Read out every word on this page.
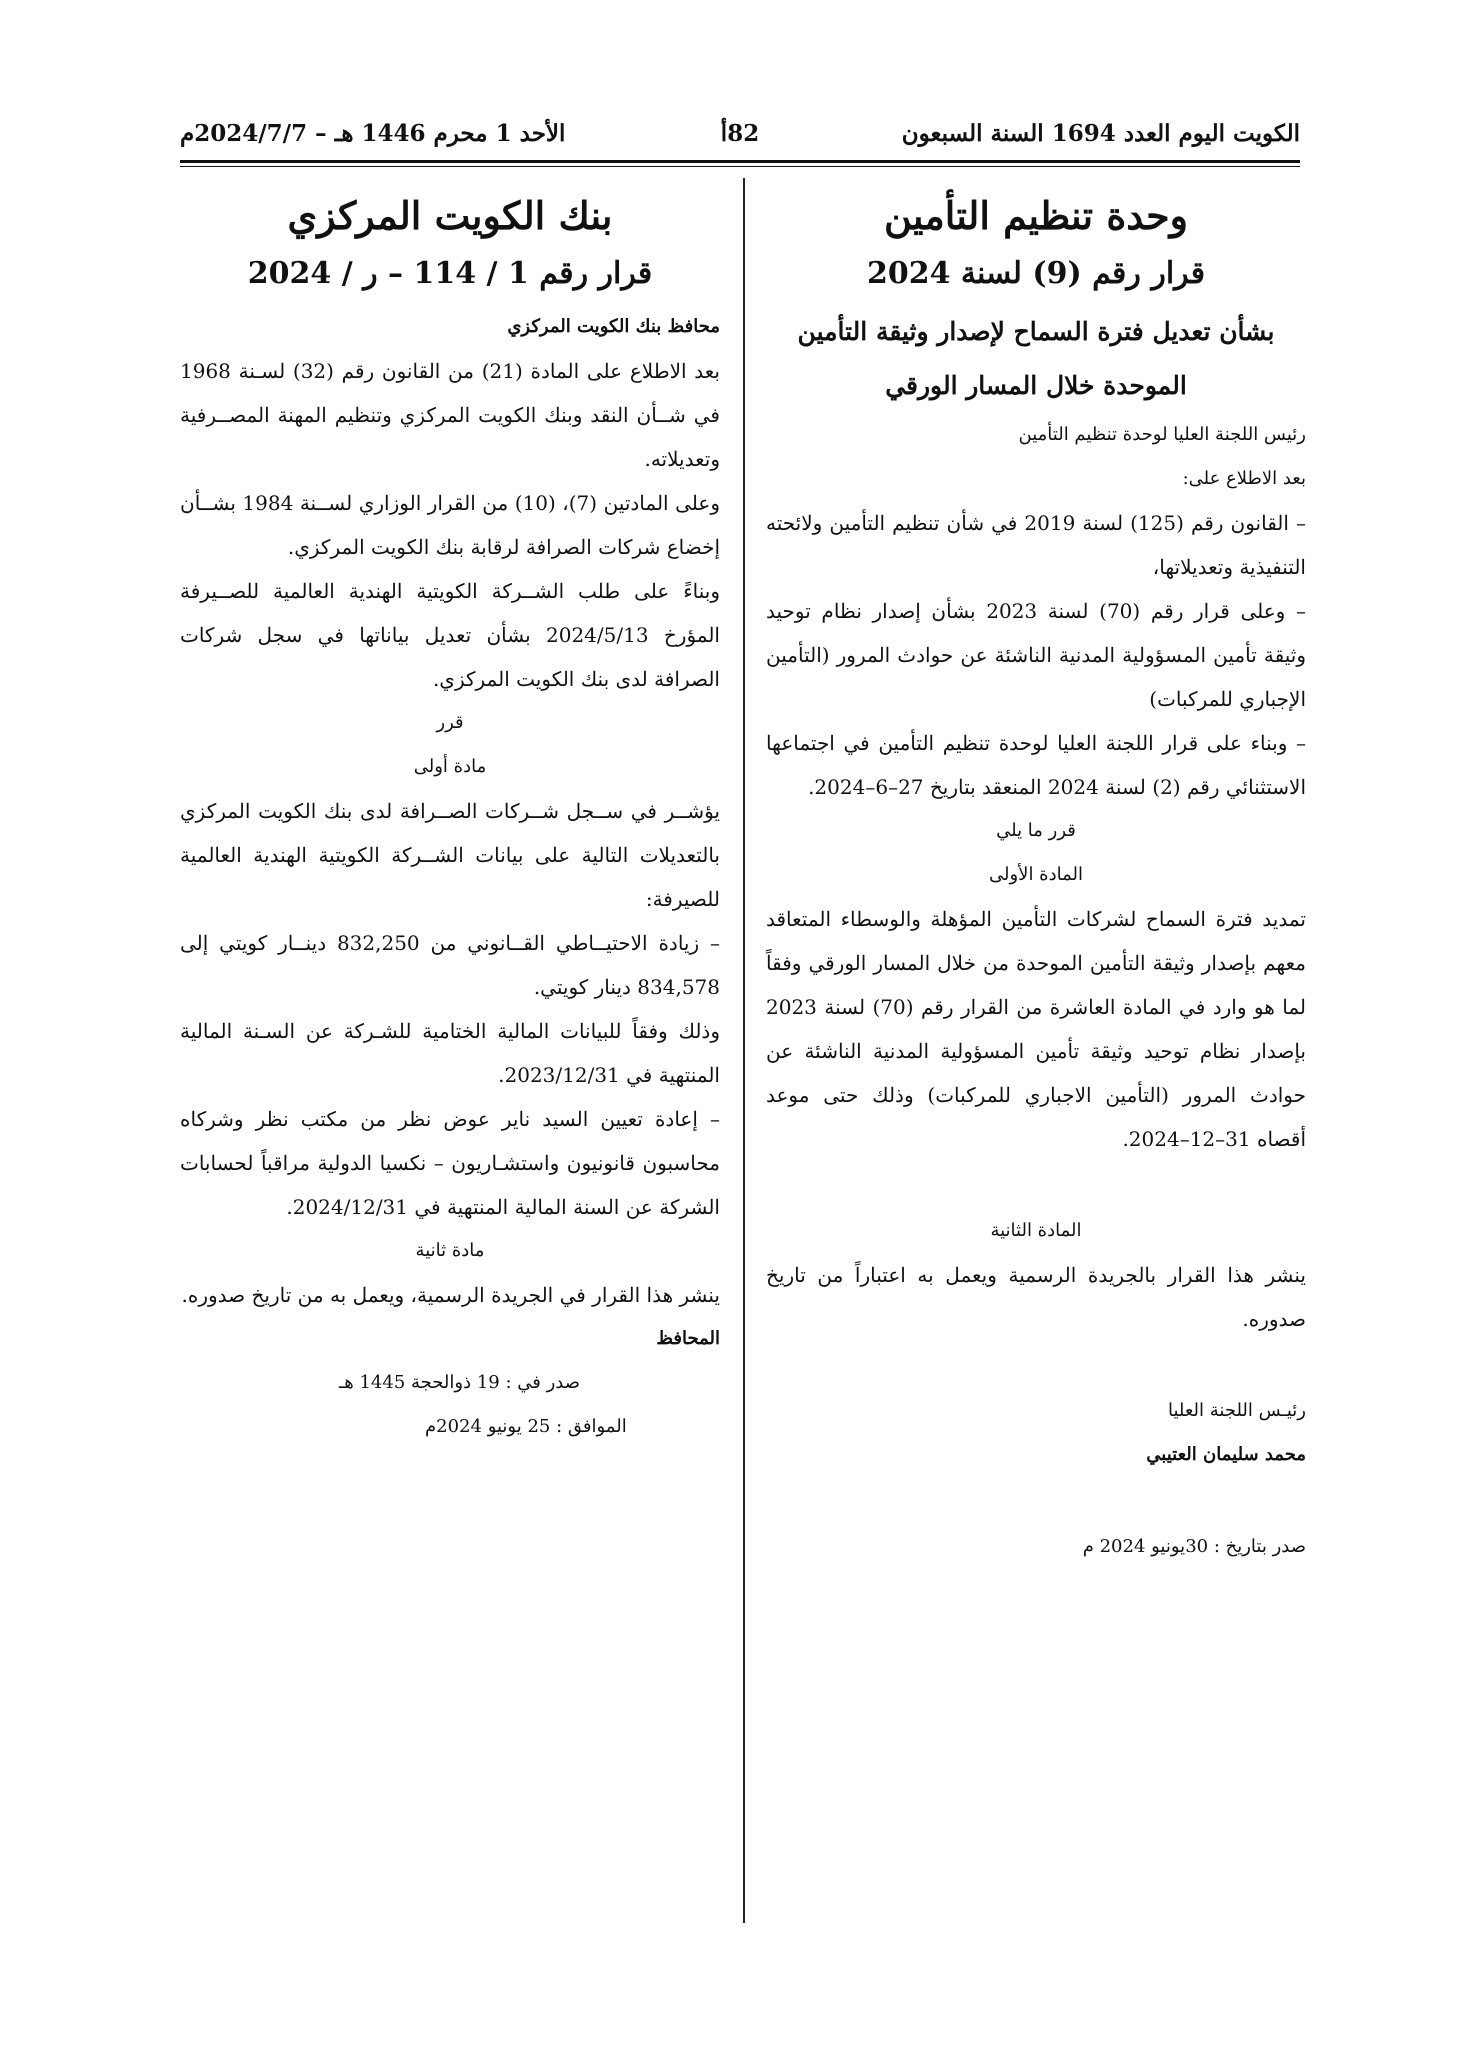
الكويت اليوم العدد 1694 السنة السبعون
82أ
الأحد 1 محرم 1446 هـ – 2024/7/7م
وحدة تنظيم التأمين
قرار رقم (9) لسنة 2024
بشأن تعديل فترة السماح لإصدار وثيقة التأمين
الموحدة خلال المسار الورقي

رئيس اللجنة العليا لوحدة تنظيم التأمين

بعد الاطلاع على:

– القانون رقم (125) لسنة 2019 في شأن تنظيم التأمين ولائحته التنفيذية وتعديلاتها،

– وعلى قرار رقم (70) لسنة 2023 بشأن إصدار نظام توحيد وثيقة تأمين المسؤولية المدنية الناشئة عن حوادث المرور (التأمين الإجباري للمركبات)

– وبناء على قرار اللجنة العليا لوحدة تنظيم التأمين في اجتماعها الاستثنائي رقم (2) لسنة 2024 المنعقد بتاريخ 27–6–2024.

قرر ما يلي

المادة الأولى

تمديد فترة السماح لشركات التأمين المؤهلة والوسطاء المتعاقد معهم بإصدار وثيقة التأمين الموحدة من خلال المسار الورقي وفقاً لما هو وارد في المادة العاشرة من القرار رقم (70) لسنة 2023 بإصدار نظام توحيد وثيقة تأمين المسؤولية المدنية الناشئة عن حوادث المرور (التأمين الاجباري للمركبات) وذلك حتى موعد أقصاه 31–12–2024.

المادة الثانية

ينشر هذا القرار بالجريدة الرسمية ويعمل به اعتباراً من تاريخ صدوره.

رئيـس اللجنة العليا

محمد سليمان العتيبي

صدر بتاريخ : 30يونيو 2024 م

بنك الكويت المركزي
قرار رقم 1 / 114 – ر / 2024

محافظ بنك الكويت المركزي

بعد الاطلاع على المادة (21) من القانون رقم (32) لسـنة 1968 في شــأن النقد وبنك الكويت المركزي وتنظيم المهنة المصــرفية وتعديلاته.

وعلى المادتين (7)، (10) من القرار الوزاري لســنة 1984 بشــأن إخضاع شركات الصرافة لرقابة بنك الكويت المركزي.

وبناءً على طلب الشــركة الكويتية الهندية العالمية للصــيرفة المؤرخ 2024/5/13 بشأن تعديل بياناتها في سجل شركات الصرافة لدى بنك الكويت المركزي.

قرر

مادة أولى

يؤشــر في ســجل شــركات الصــرافة لدى بنك الكويت المركزي بالتعديلات التالية على بيانات الشــركة الكويتية الهندية العالمية للصيرفة:

– زيادة الاحتيــاطي القــانوني من 832,250 دينــار كويتي إلى 834,578 دينار كويتي.

وذلك وفقاً للبيانات المالية الختامية للشـركة عن السـنة المالية المنتهية في 2023/12/31.

– إعادة تعيين السيد ناير عوض نظر من مكتب نظر وشركاه محاسبون قانونيون واستشـاريون – نكسيا الدولية مراقباً لحسابات الشركة عن السنة المالية المنتهية في 2024/12/31.

مادة ثانية

ينشر هذا القرار في الجريدة الرسمية، ويعمل به من تاريخ صدوره.

المحافظ

صدر في : 19 ذوالحجة 1445 هـ

الموافق : 25 يونيو 2024م
